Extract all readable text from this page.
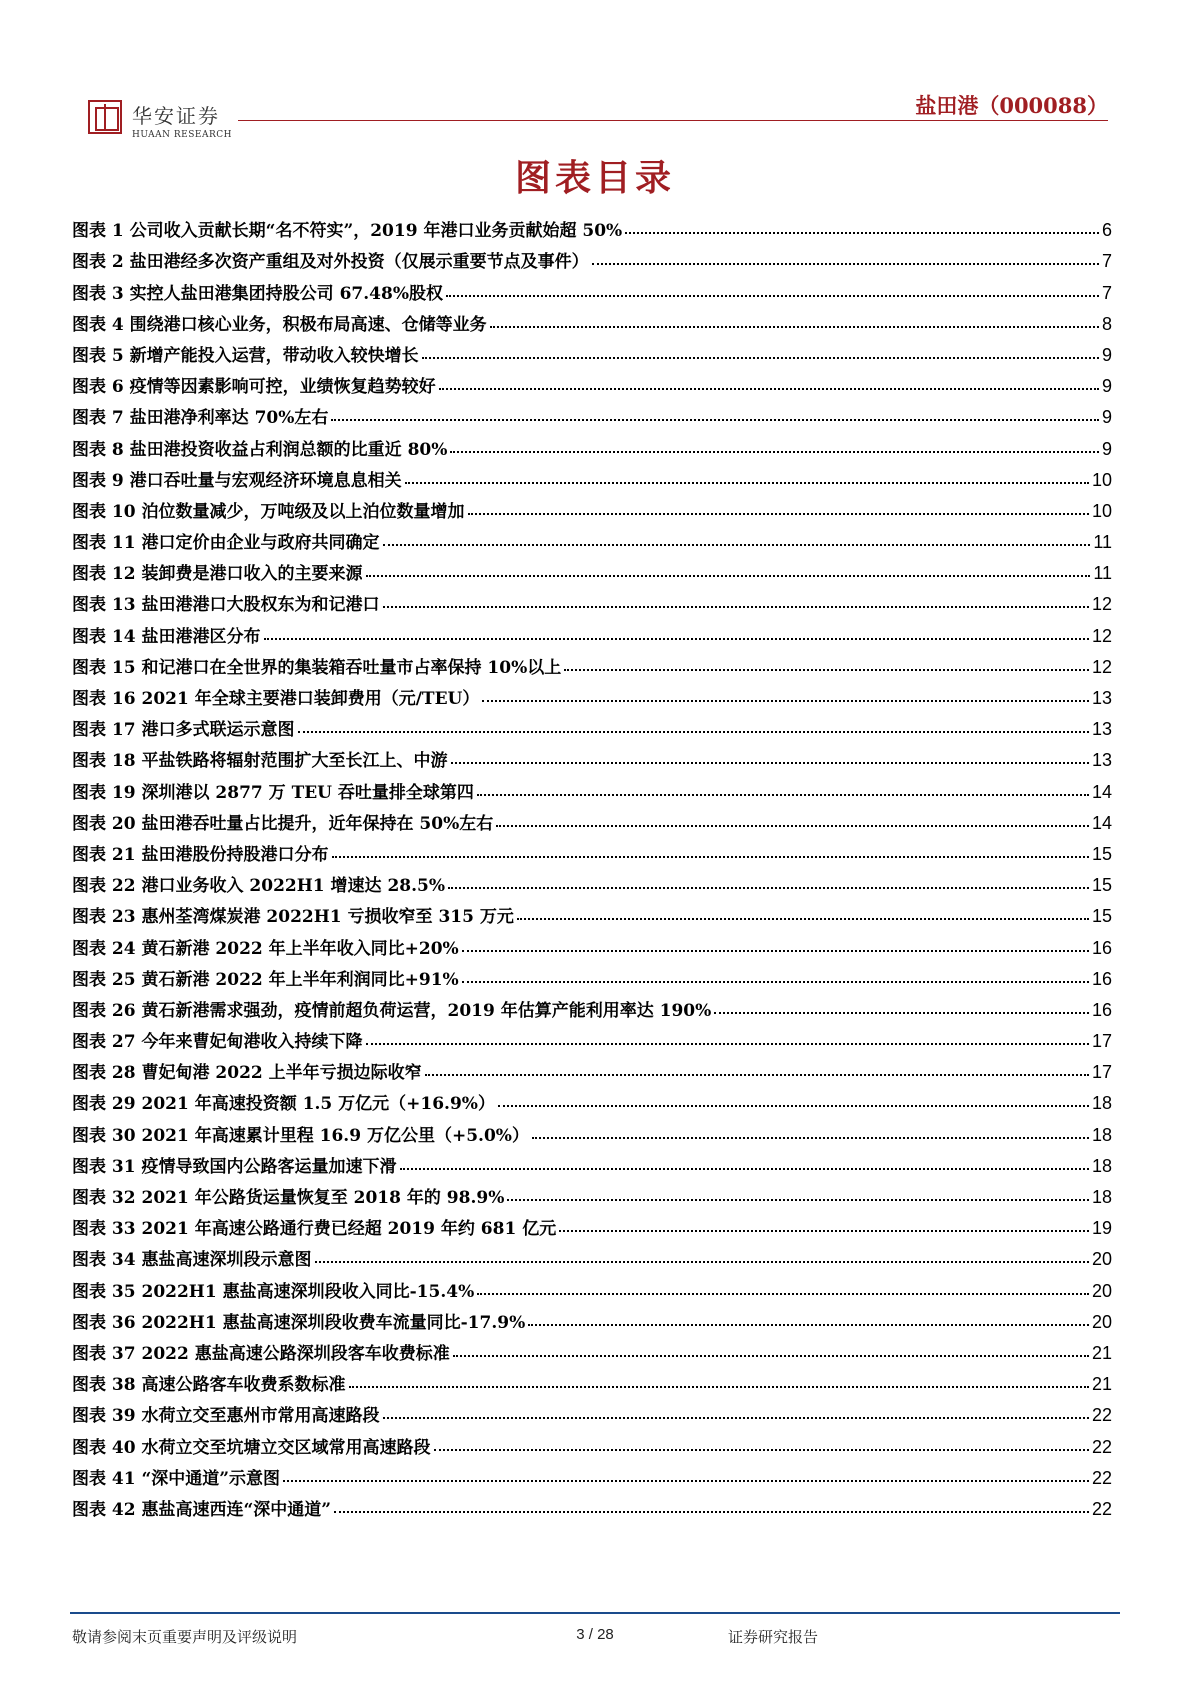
华安证券
HUAAN RESEARCH
盐田港（000088）
图表目录
图表 1 公司收入贡献长期“名不符实”，2019 年港口业务贡献始超 50%	6
图表 2 盐田港经多次资产重组及对外投资（仅展示重要节点及事件）	7
图表 3 实控人盐田港集团持股公司 67.48%股权	7
图表 4 围绕港口核心业务，积极布局高速、仓储等业务	8
图表 5 新增产能投入运营，带动收入较快增长	9
图表 6 疫情等因素影响可控，业绩恢复趋势较好	9
图表 7 盐田港净利率达 70%左右	9
图表 8 盐田港投资收益占利润总额的比重近 80%	9
图表 9 港口吞吐量与宏观经济环境息息相关	10
图表 10 泊位数量减少，万吨级及以上泊位数量增加	10
图表 11 港口定价由企业与政府共同确定	11
图表 12 装卸费是港口收入的主要来源	11
图表 13 盐田港港口大股权东为和记港口	12
图表 14 盐田港港区分布	12
图表 15 和记港口在全世界的集装箱吞吐量市占率保持 10%以上	12
图表 16 2021 年全球主要港口装卸费用（元/TEU）	13
图表 17 港口多式联运示意图	13
图表 18 平盐铁路将辐射范围扩大至长江上、中游	13
图表 19 深圳港以 2877 万 TEU 吞吐量排全球第四	14
图表 20 盐田港吞吐量占比提升，近年保持在 50%左右	14
图表 21 盐田港股份持股港口分布	15
图表 22 港口业务收入 2022H1 增速达 28.5%	15
图表 23 惠州荃湾煤炭港 2022H1 亏损收窄至 315 万元	15
图表 24 黄石新港 2022 年上半年收入同比+20%	16
图表 25 黄石新港 2022 年上半年利润同比+91%	16
图表 26 黄石新港需求强劲，疫情前超负荷运营，2019 年估算产能利用率达 190%	16
图表 27 今年来曹妃甸港收入持续下降	17
图表 28 曹妃甸港 2022 上半年亏损边际收窄	17
图表 29 2021 年高速投资额 1.5 万亿元（+16.9%）	18
图表 30 2021 年高速累计里程 16.9 万亿公里（+5.0%）	18
图表 31 疫情导致国内公路客运量加速下滑	18
图表 32 2021 年公路货运量恢复至 2018 年的 98.9%	18
图表 33 2021 年高速公路通行费已经超 2019 年约 681 亿元	19
图表 34 惠盐高速深圳段示意图	20
图表 35 2022H1 惠盐高速深圳段收入同比-15.4%	20
图表 36 2022H1 惠盐高速深圳段收费车流量同比-17.9%	20
图表 37 2022 惠盐高速公路深圳段客车收费标准	21
图表 38 高速公路客车收费系数标准	21
图表 39 水荷立交至惠州市常用高速路段	22
图表 40 水荷立交至坑塘立交区域常用高速路段	22
图表 41 “深中通道”示意图	22
图表 42 惠盐高速西连“深中通道”	22
敬请参阅末页重要声明及评级说明	3 / 28	证券研究报告
